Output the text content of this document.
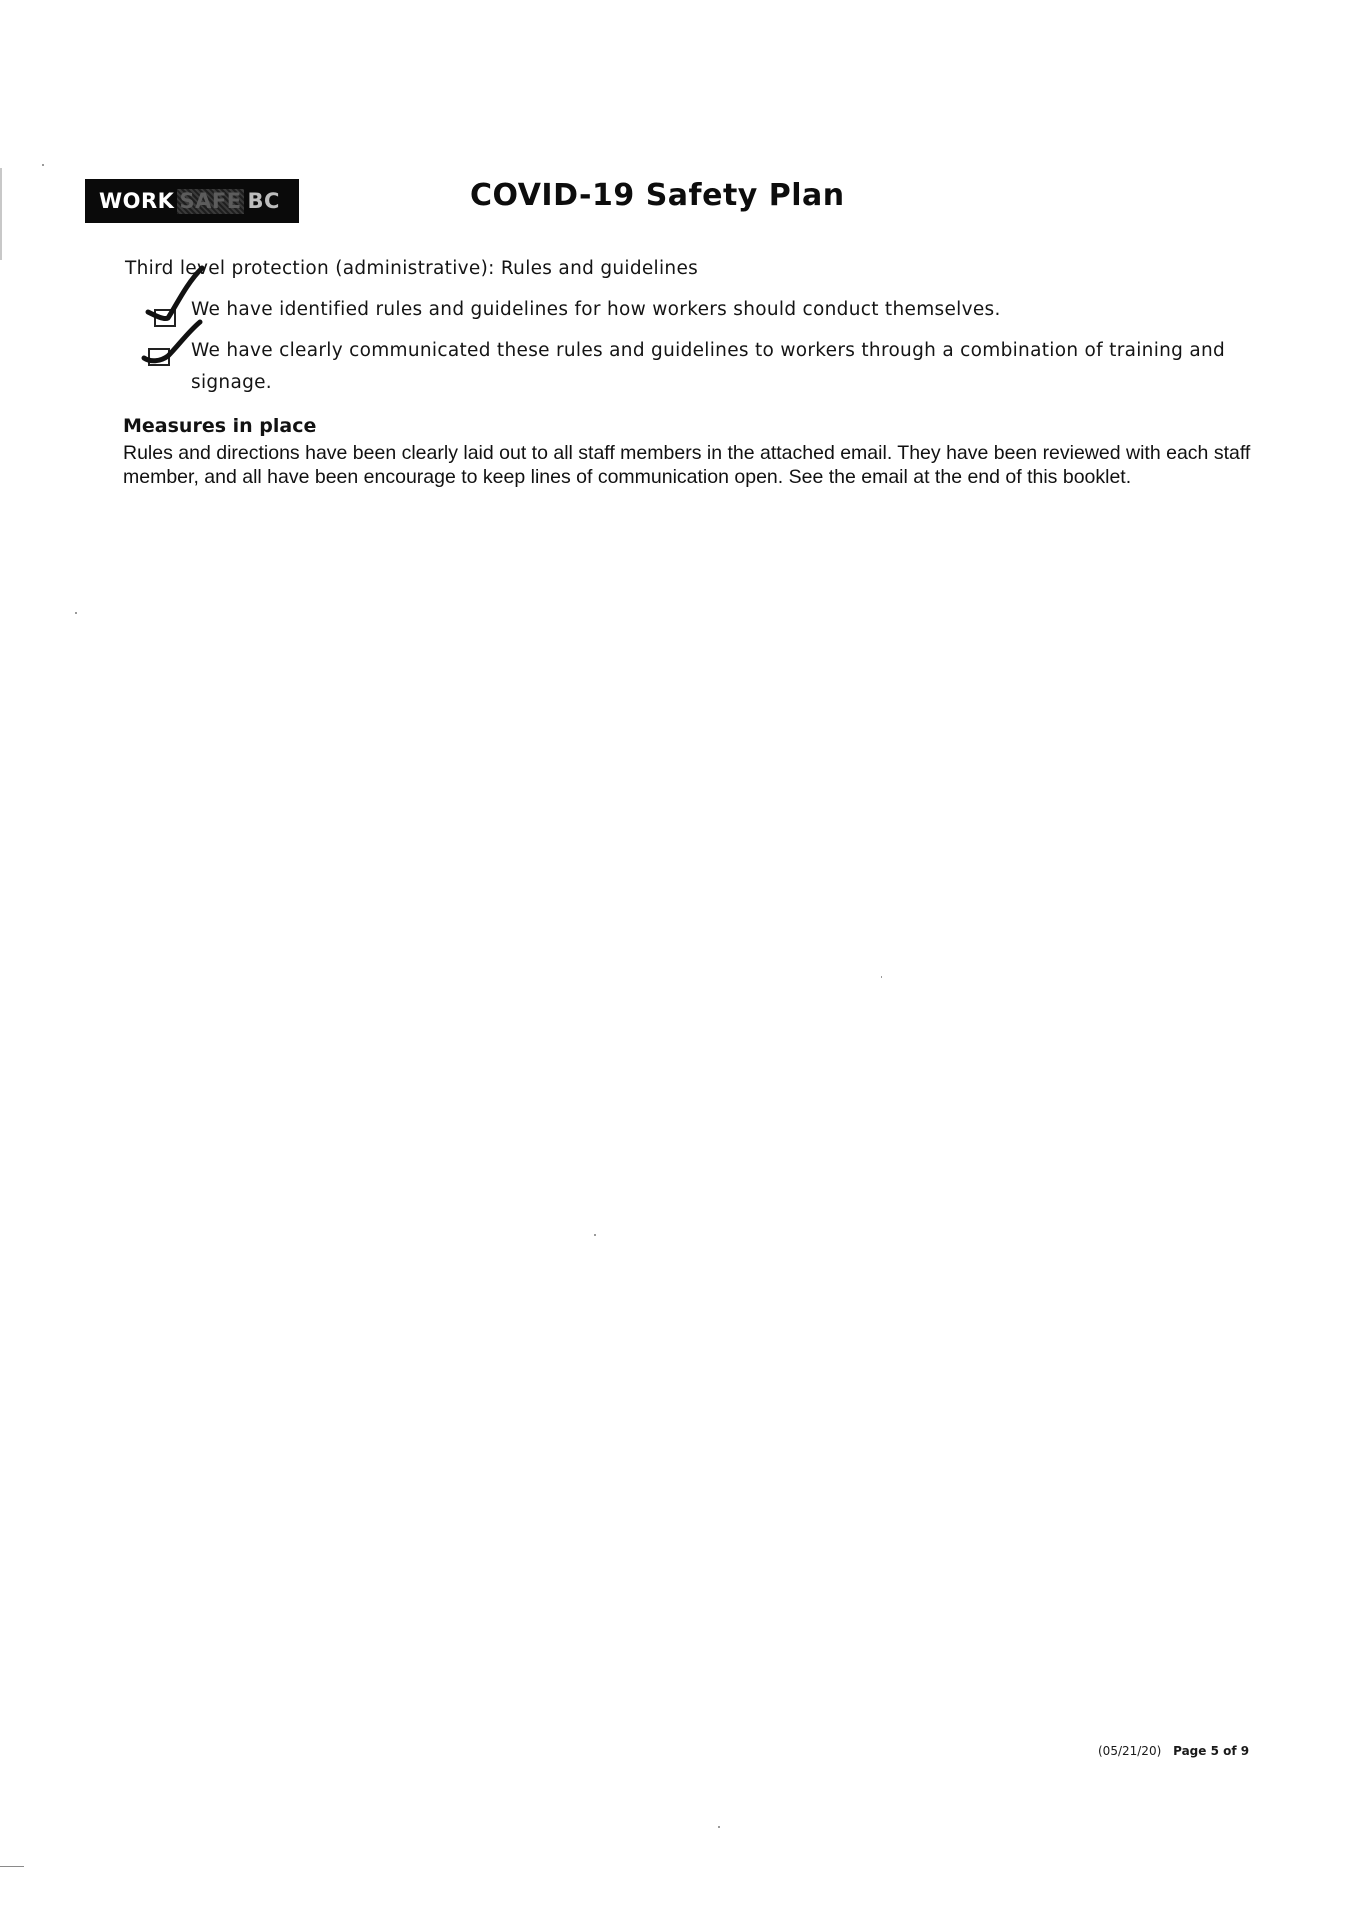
WORK SAFE BC	COVID-19 Safety Plan
Third level protection (administrative): Rules and guidelines
We have identified rules and guidelines for how workers should conduct themselves.
We have clearly communicated these rules and guidelines to workers through a combination of training and signage.
Measures in place
Rules and directions have been clearly laid out to all staff members in the attached email. They have been reviewed with each staff member, and all have been encourage to keep lines of communication open. See the email at the end of this booklet.
(05/21/20) Page 5 of 9
